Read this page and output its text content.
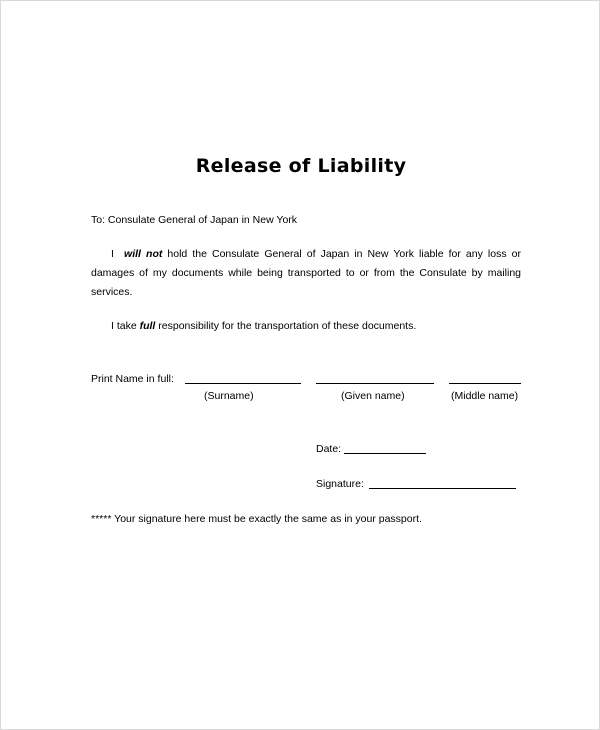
Release of Liability
To: Consulate General of Japan in New York
I will not hold the Consulate General of Japan in New York liable for any loss or damages of my documents while being transported to or from the Consulate by mailing services.
I take full responsibility for the transportation of these documents.
Print Name in full:
(Surname)	(Given name)	(Middle name)
Date:
Signature:
***** Your signature here must be exactly the same as in your passport.
